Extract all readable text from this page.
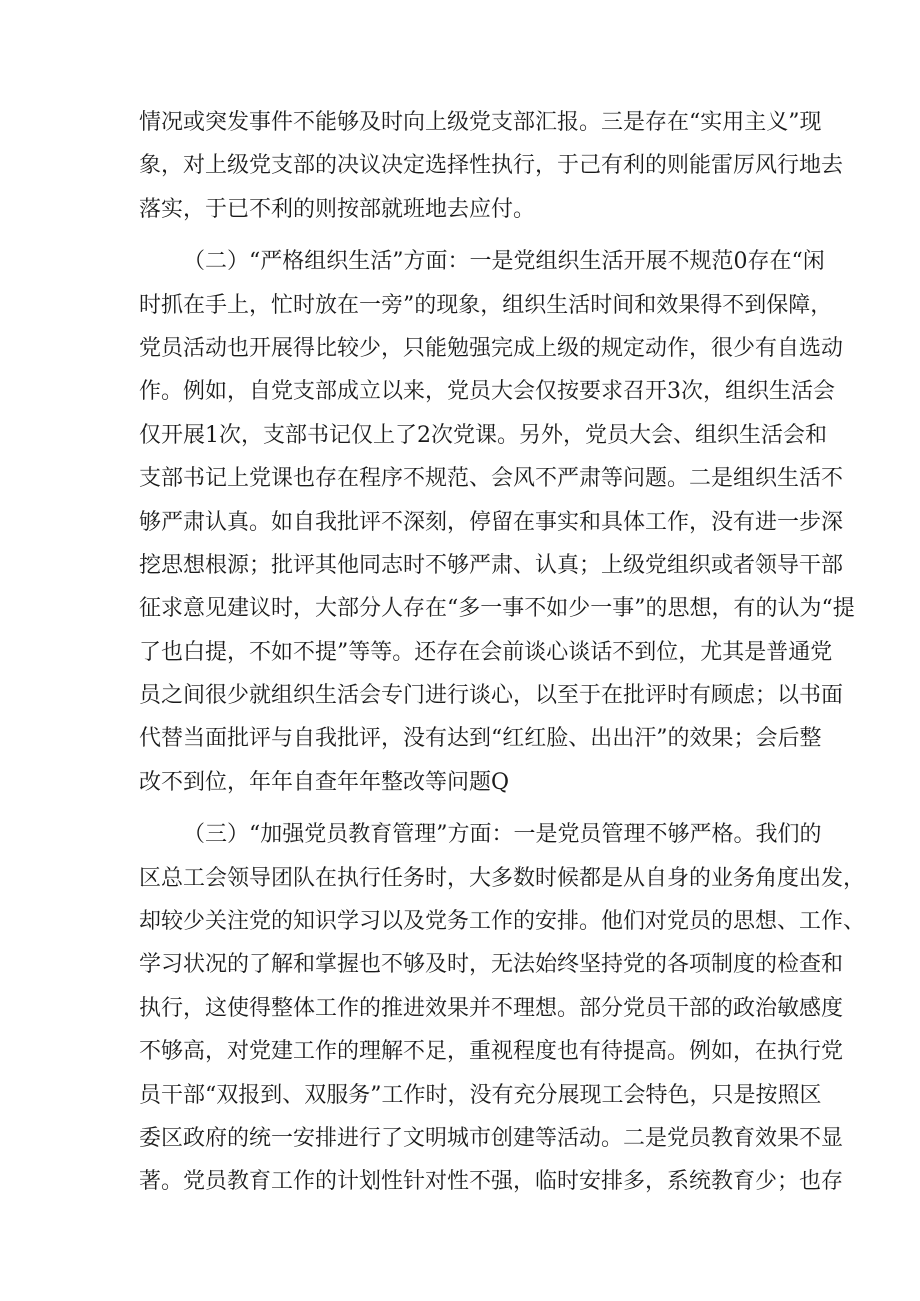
情况或突发事件不能够及时向上级党支部汇报。三是存在“实用主义”现
象，对上级党支部的决议决定选择性执行，于己有利的则能雷厉风行地去
落实，于已不利的则按部就班地去应付。
（二）“严格组织生活”方面：一是党组织生活开展不规范0存在“闲
时抓在手上，忙时放在一旁”的现象，组织生活时间和效果得不到保障，
党员活动也开展得比较少，只能勉强完成上级的规定动作，很少有自选动
作。例如，自党支部成立以来，党员大会仅按要求召开3次，组织生活会
仅开展1次，支部书记仅上了2次党课。另外，党员大会、组织生活会和
支部书记上党课也存在程序不规范、会风不严肃等问题。二是组织生活不
够严肃认真。如自我批评不深刻，停留在事实和具体工作，没有进一步深
挖思想根源；批评其他同志时不够严肃、认真；上级党组织或者领导干部
征求意见建议时，大部分人存在“多一事不如少一事”的思想，有的认为“提
了也白提，不如不提”等等。还存在会前谈心谈话不到位，尤其是普通党
员之间很少就组织生活会专门进行谈心，以至于在批评时有顾虑；以书面
代替当面批评与自我批评，没有达到“红红脸、出出汗”的效果；会后整
改不到位，年年自查年年整改等问题Q
（三）“加强党员教育管理”方面：一是党员管理不够严格。我们的
区总工会领导团队在执行任务时，大多数时候都是从自身的业务角度出发，
却较少关注党的知识学习以及党务工作的安排。他们对党员的思想、工作、
学习状况的了解和掌握也不够及时，无法始终坚持党的各项制度的检查和
执行，这使得整体工作的推进效果并不理想。部分党员干部的政治敏感度
不够高，对党建工作的理解不足，重视程度也有待提高。例如，在执行党
员干部“双报到、双服务”工作时，没有充分展现工会特色，只是按照区
委区政府的统一安排进行了文明城市创建等活动。二是党员教育效果不显
著。党员教育工作的计划性针对性不强，临时安排多，系统教育少；也存
